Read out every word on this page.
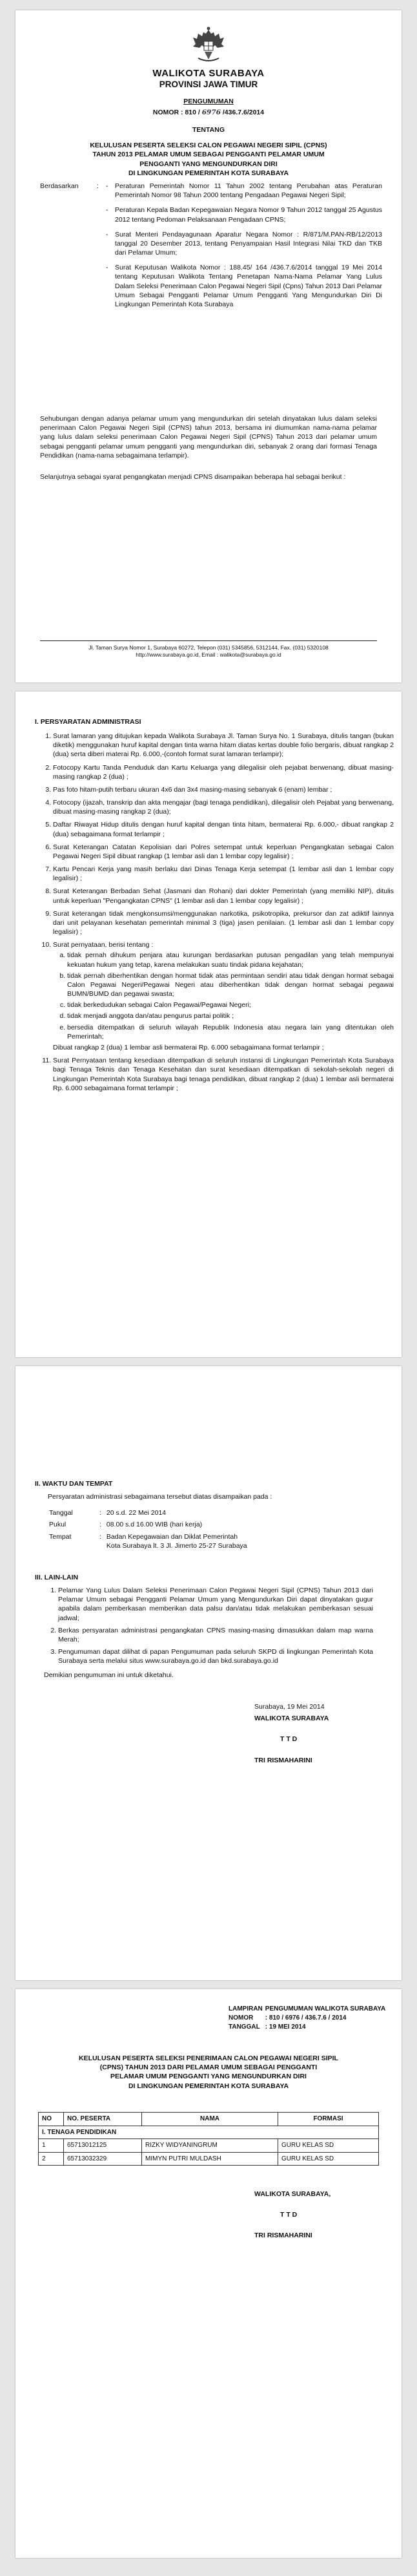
WALIKOTA SURABAYA
PROVINSI JAWA TIMUR
PENGUMUMAN
NOMOR : 810 / 6976 /436.7.6/2014
TENTANG
KELULUSAN PESERTA SELEKSI CALON PEGAWAI NEGERI SIPIL (CPNS)
TAHUN 2013 PELAMAR UMUM SEBAGAI PENGGANTI PELAMAR UMUM
PENGGANTI YANG MENGUNDURKAN DIRI
DI LINGKUNGAN PEMERINTAH KOTA SURABAYA
Berdasarkan	:	-	Peraturan Pemerintah Nomor 11 Tahun 2002 tentang Perubahan atas Peraturan Pemerintah Nomor 98 Tahun 2000 tentang Pengadaan Pegawai Negeri Sipil;
		-	Peraturan Kepala Badan Kepegawaian Negara Nomor 9 Tahun 2012 tanggal 25 Agustus 2012 tentang Pedoman Pelaksanaan Pengadaan CPNS;
		-	Surat Menteri Pendayagunaan Aparatur Negara Nomor : R/871/M.PAN-RB/12/2013 tanggal 20 Desember 2013, tentang Penyampaian Hasil Integrasi Nilai TKD dan TKB dari Pelamar Umum;
		-	Surat Keputusan Walikota Nomor : 188.45/ 164 /436.7.6/2014 tanggal 19 Mei 2014 tentang Keputusan Walikota Tentang Penetapan Nama-Nama Pelamar Yang Lulus Dalam Seleksi Penerimaan Calon Pegawai Negeri Sipil (Cpns) Tahun 2013 Dari Pelamar Umum Sebagai Pengganti Pelamar Umum Pengganti Yang Mengundurkan Diri Di Lingkungan Pemerintah Kota Surabaya
Sehubungan dengan adanya pelamar umum yang mengundurkan diri setelah dinyatakan lulus dalam seleksi penerimaan Calon Pegawai Negeri Sipil (CPNS) tahun 2013, bersama ini diumumkan nama-nama pelamar yang lulus dalam seleksi penerimaan Calon Pegawai Negeri Sipil (CPNS) Tahun 2013 dari pelamar umum sebagai pengganti pelamar umum pengganti yang mengundurkan diri, sebanyak 2 orang dari formasi Tenaga Pendidikan (nama-nama sebagaimana terlampir).
Selanjutnya sebagai syarat pengangkatan menjadi CPNS disampaikan beberapa hal sebagai berikut :
Jl. Taman Surya Nomor 1, Surabaya 60272, Telepon (031) 5345856, 5312144, Fax. (031) 5320108
http://www.surabaya.go.id, Email : walikota@surabaya.go.id
I. PERSYARATAN ADMINISTRASI
1. Surat lamaran yang ditujukan kepada Walikota Surabaya Jl. Taman Surya No. 1 Surabaya, ditulis tangan (bukan diketik) menggunakan huruf kapital dengan tinta warna hitam diatas kertas double folio bergaris, dibuat rangkap 2 (dua) serta diberi materai Rp. 6.000,-(contoh format surat lamaran terlampir);
2. Fotocopy Kartu Tanda Penduduk dan Kartu Keluarga yang dilegalisir oleh pejabat berwenang, dibuat masing-masing rangkap 2 (dua) ;
3. Pas foto hitam-putih terbaru ukuran 4x6 dan 3x4 masing-masing sebanyak 6 (enam) lembar ;
4. Fotocopy (ijazah, transkrip dan akta mengajar (bagi tenaga pendidikan), dilegalisir oleh Pejabat yang berwenang, dibuat masing-masing rangkap 2 (dua);
5. Daftar Riwayat Hidup ditulis dengan huruf kapital dengan tinta hitam, bermaterai Rp. 6.000,- dibuat rangkap 2 (dua) sebagaimana format terlampir ;
6. Surat Keterangan Catatan Kepolisian dari Polres setempat untuk keperluan Pengangkatan sebagai Calon Pegawai Negeri Sipil dibuat rangkap (1 lembar asli dan 1 lembar copy legalisir) ;
7. Kartu Pencari Kerja yang masih berlaku dari Dinas Tenaga Kerja setempat (1 lembar asli dan 1 lembar copy legalisir) ;
8. Surat Keterangan Berbadan Sehat (Jasmani dan Rohani) dari dokter Pemerintah (yang memiliki NIP), ditulis untuk keperluan "Pengangkatan CPNS" (1 lembar asli dan 1 lembar copy legalisir) ;
9. Surat keterangan tidak mengkonsumsi/menggunakan narkotika, psikotropika, prekursor dan zat adiktif lainnya dari unit pelayanan kesehatan pemerintah minimal 3 (tiga) jasen penilaian. (1 lembar asli dan 1 lembar copy legalisir) ;
10. Surat pernyataan, berisi tentang :
a. tidak pernah dihukum penjara atau kurungan berdasarkan putusan pengadilan yang telah mempunyai kekuatan hukum yang tetap, karena melakukan suatu tindak pidana kejahatan;
b. tidak pernah diberhentikan dengan hormat tidak atas permintaan sendiri atau tidak dengan hormat sebagai Calon Pegawai Negeri/Pegawai Negeri atau diberhentikan tidak dengan hormat sebagai pegawai BUMN/BUMD dan pegawai swasta;
c. tidak berkedudukan sebagai Calon Pegawai/Pegawai Negeri;
d. tidak menjadi anggota dan/atau pengurus partai politik ;
e. bersedia ditempatkan di seluruh wilayah Republik Indonesia atau negara lain yang ditentukan oleh Pemerintah;
Dibuat rangkap 2 (dua) 1 lembar asli bermaterai Rp. 6.000 sebagaimana format terlampir ;
11. Surat Pernyataan tentang kesediaan ditempatkan di seluruh instansi di Lingkungan Pemerintah Kota Surabaya bagi Tenaga Teknis dan Tenaga Kesehatan dan surat kesediaan ditempatkan di sekolah-sekolah negeri di Lingkungan Pemerintah Kota Surabaya bagi tenaga pendidikan, dibuat rangkap 2 (dua) 1 lembar asli bermaterai Rp. 6.000 sebagaimana format terlampir ;
II. WAKTU DAN TEMPAT
Persyaratan administrasi sebagaimana tersebut diatas disampaikan pada :
Tanggal	:	20 s.d. 22 Mei 2014
Pukul	:	08.00 s.d 16.00 WIB (hari kerja)
Tempat	:	Badan Kepegawaian dan Diklat Pemerintah Kota Surabaya lt. 3 Jl. Jimerto 25-27 Surabaya
III. LAIN-LAIN
1. Pelamar Yang Lulus Dalam Seleksi Penerimaan Calon Pegawai Negeri Sipil (CPNS) Tahun 2013 dari Pelamar Umum sebagai Pengganti Pelamar Umum yang Mengundurkan Diri dapat dinyatakan gugur apabila dalam pemberkasan memberikan data palsu dan/atau tidak melakukan pemberkasan sesuai jadwal;
2. Berkas persyaratan administrasi pengangkatan CPNS masing-masing dimasukkan dalam map warna Merah;
3. Pengumuman dapat dilihat di papan Pengumuman pada seluruh SKPD di lingkungan Pemerintah Kota Surabaya serta melalui situs www.surabaya.go.id dan bkd.surabaya.go.id
Demikian pengumuman ini untuk diketahui.
Surabaya, 19 Mei 2014
WALIKOTA SURABAYA
T T D
TRI RISMAHARINI
LAMPIRAN	PENGUMUMAN WALIKOTA SURABAYA
NOMOR	: 810 / 6976 / 436.7.6 / 2014
TANGGAL	: 19 MEI 2014
KELULUSAN PESERTA SELEKSI PENERIMAAN CALON PEGAWAI NEGERI SIPIL
(CPNS) TAHUN 2013 DARI PELAMAR UMUM SEBAGAI PENGGANTI
PELAMAR UMUM PENGGANTI YANG MENGUNDURKAN DIRI
DI LINGKUNGAN PEMERINTAH KOTA SURABAYA
NO	NO. PESERTA	NAMA	FORMASI
I. TENAGA PENDIDIKAN			
1	65713012125	RIZKY WIDYANINGRUM	GURU KELAS SD
2	65713032329	MIMYN PUTRI MULDASH	GURU KELAS SD
WALIKOTA SURABAYA,
T T D
TRI RISMAHARINI
